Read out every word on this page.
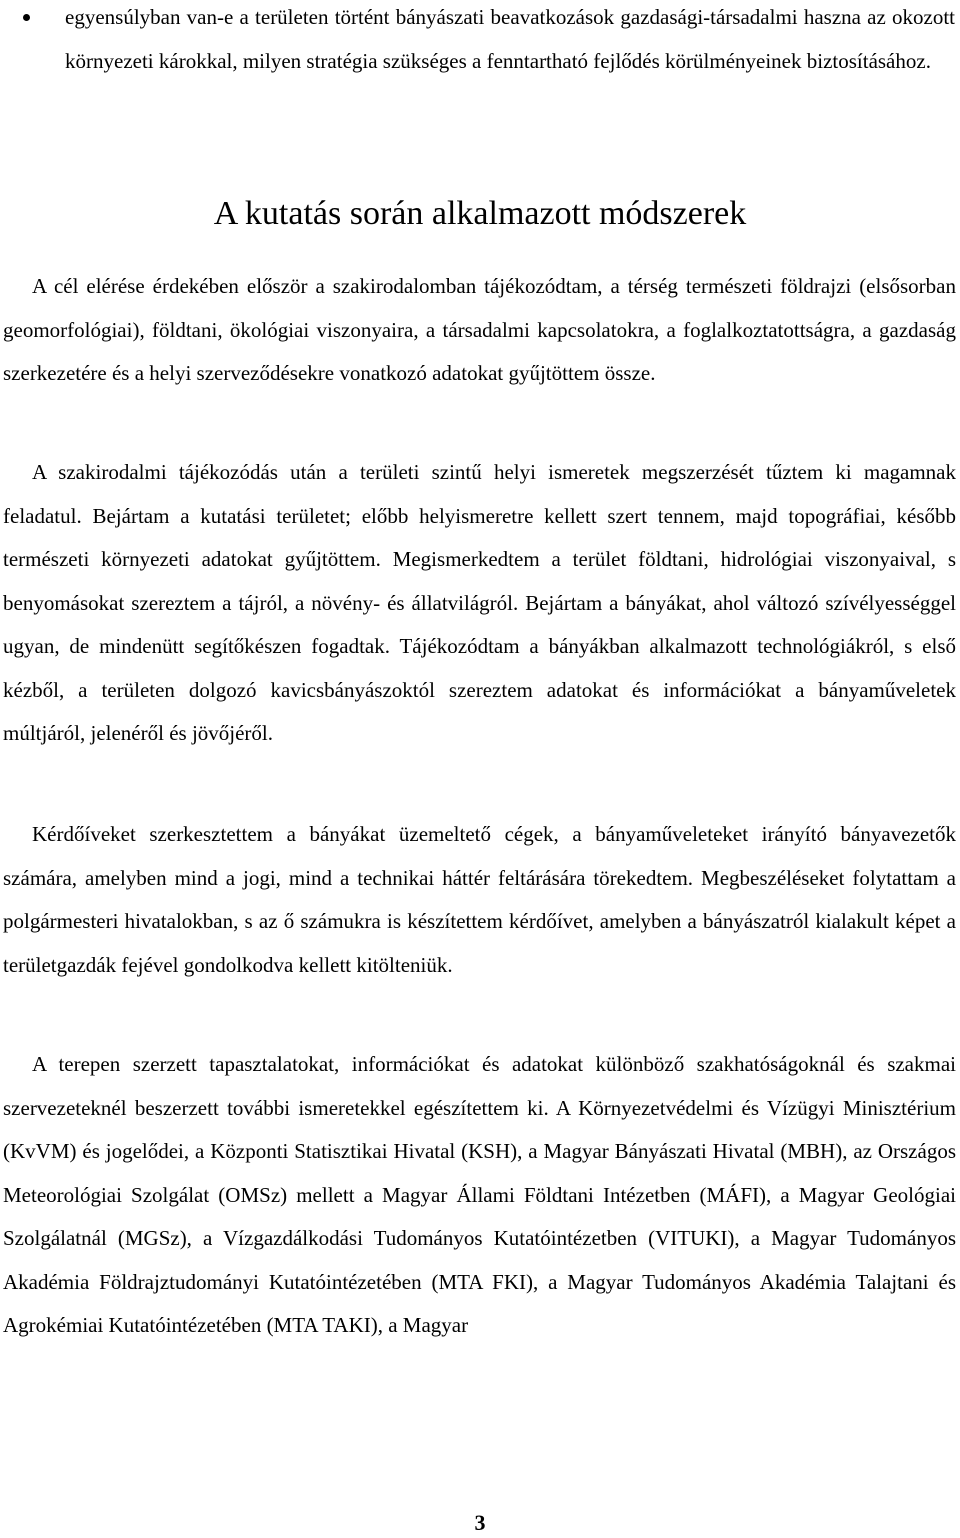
egyensúlyban van-e a területen történt bányászati beavatkozások gazdasági-társadalmi haszna az okozott környezeti károkkal, milyen stratégia szükséges a fenntartható fejlődés körülményeinek biztosításához.

A kutatás során alkalmazott módszerek

A cél elérése érdekében először a szakirodalomban tájékozódtam, a térség természeti földrajzi (elsősorban geomorfológiai), földtani, ökológiai viszonyaira, a társadalmi kapcsolatokra, a foglalkoztatottságra, a gazdaság szerkezetére és a helyi szerveződésekre vonatkozó adatokat gyűjtöttem össze.

A szakirodalmi tájékozódás után a területi szintű helyi ismeretek megszerzését tűztem ki magamnak feladatul. Bejártam a kutatási területet; előbb helyismeretre kellett szert tennem, majd topográfiai, később természeti környezeti adatokat gyűjtöttem. Megismerkedtem a terület földtani, hidrológiai viszonyaival, s benyomásokat szereztem a tájról, a növény- és állatvilágról. Bejártam a bányákat, ahol változó szívélyességgel ugyan, de mindenütt segítőkészen fogadtak. Tájékozódtam a bányákban alkalmazott technológiákról, s első kézből, a területen dolgozó kavicsbányászoktól szereztem adatokat és információkat a bányaműveletek múltjáról, jelenéről és jövőjéről.

Kérdőíveket szerkesztettem a bányákat üzemeltető cégek, a bányaműveleteket irányító bányavezetők számára, amelyben mind a jogi, mind a technikai háttér feltárására törekedtem. Megbeszéléseket folytattam a polgármesteri hivatalokban, s az ő számukra is készítettem kérdőívet, amelyben a bányászatról kialakult képet a területgazdák fejével gondolkodva kellett kitölteniük.

A terepen szerzett tapasztalatokat, információkat és adatokat különböző szakhatóságoknál és szakmai szervezeteknél beszerzett további ismeretekkel egészítettem ki. A Környezetvédelmi és Vízügyi Minisztérium (KvVM) és jogelődei, a Központi Statisztikai Hivatal (KSH), a Magyar Bányászati Hivatal (MBH), az Országos Meteorológiai Szolgálat (OMSz) mellett a Magyar Állami Földtani Intézetben (MÁFI), a Magyar Geológiai Szolgálatnál (MGSz), a Vízgazdálkodási Tudományos Kutatóintézetben (VITUKI), a Magyar Tudományos Akadémia Földrajztudományi Kutatóintézetében (MTA FKI), a Magyar Tudományos Akadémia Talajtani és Agrokémiai Kutatóintézetében (MTA TAKI), a Magyar

3
